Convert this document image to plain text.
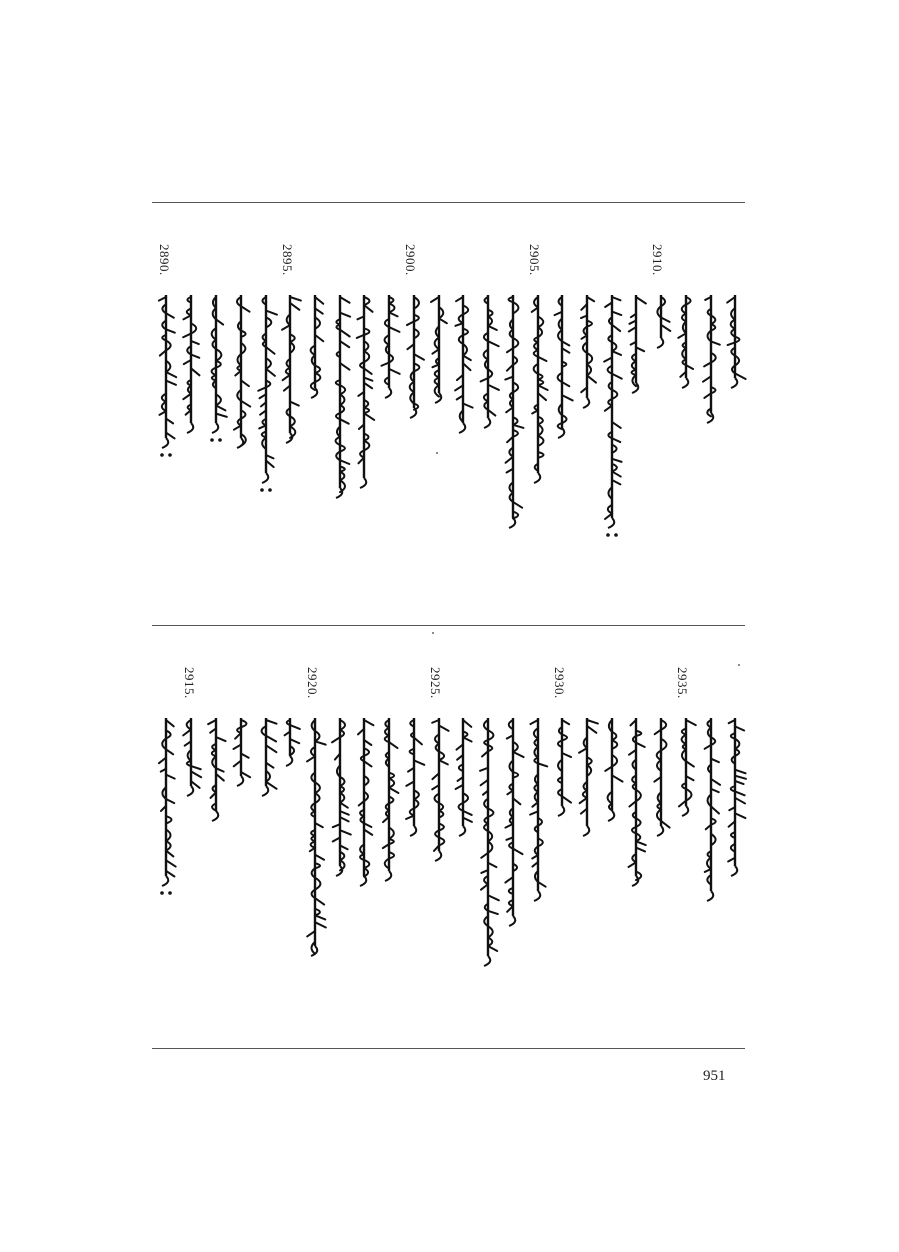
2910.
2905.
2900.
2895.
2890.
2935.
2930.
2925.
2920.
2915.
951
